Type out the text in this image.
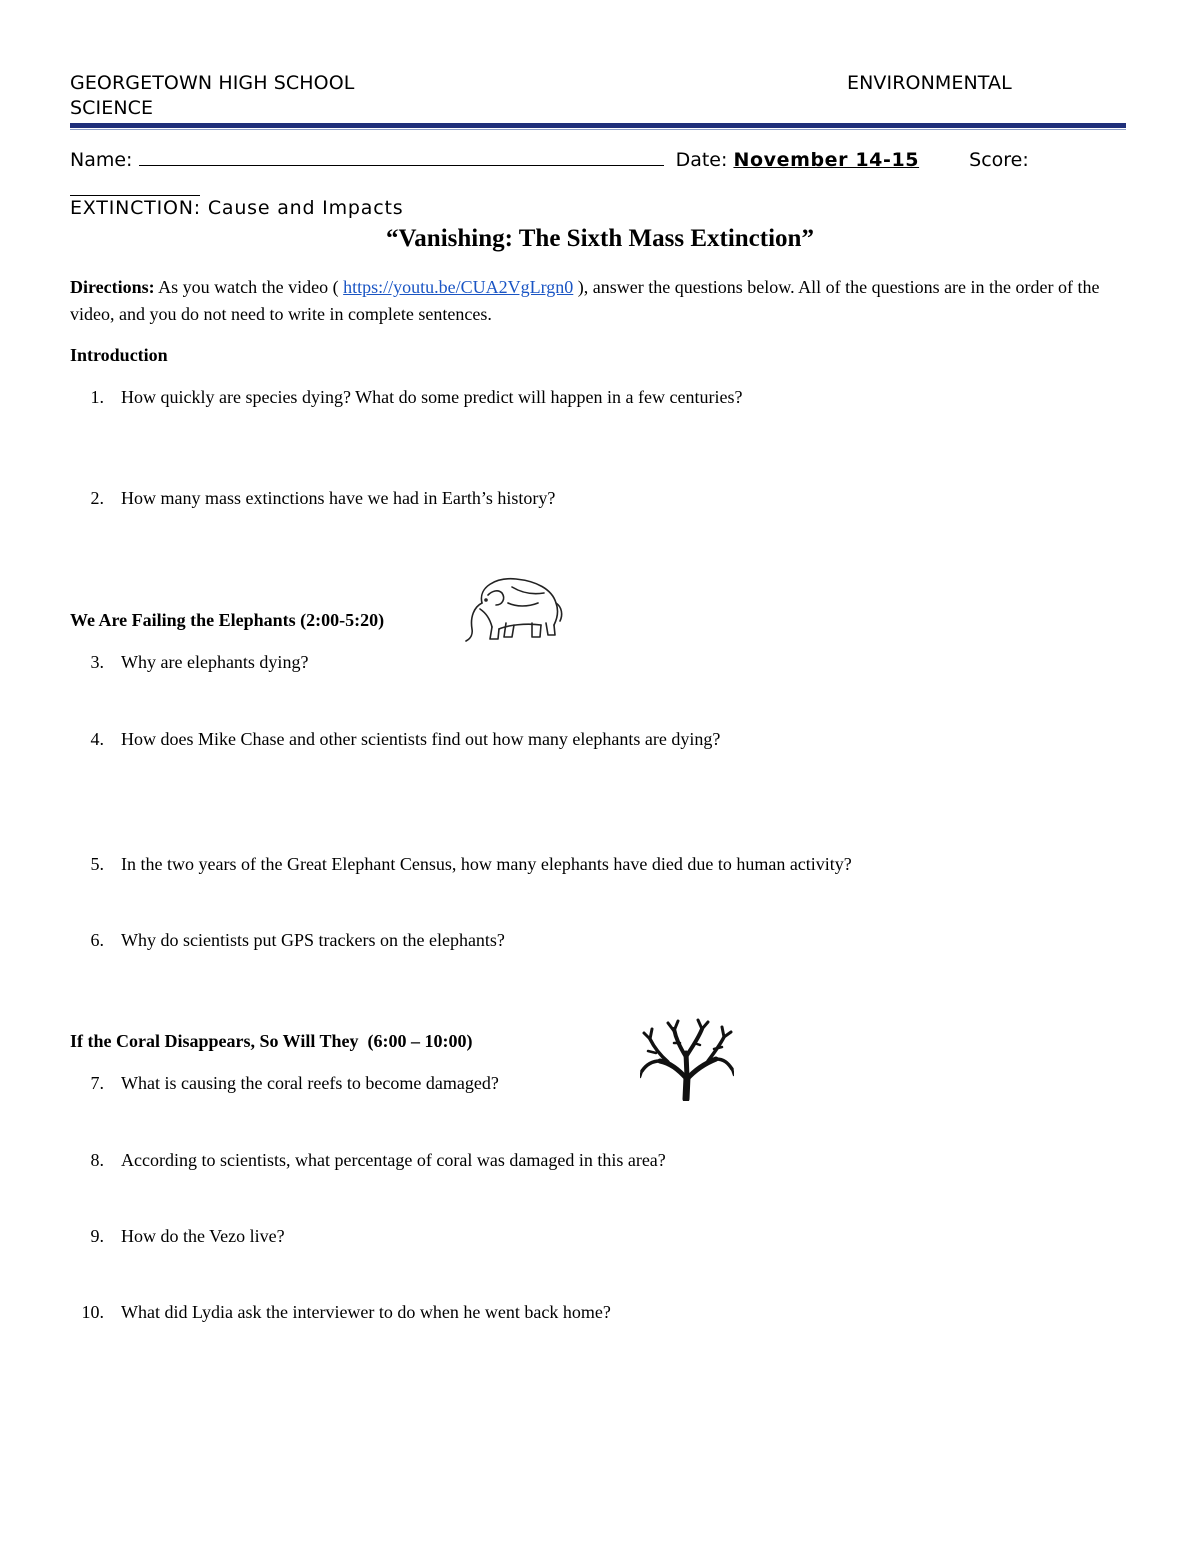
GEORGETOWN HIGH SCHOOL	ENVIRONMENTAL
SCIENCE
Name:	Date: November 14-15	Score:
EXTINCTION: Cause and Impacts
“Vanishing: The Sixth Mass Extinction”
Directions: As you watch the video ( https://youtu.be/CUA2VgLrgn0 ), answer the questions below. All of the questions are in the order of the video, and you do not need to write in complete sentences.
Introduction
1. How quickly are species dying? What do some predict will happen in a few centuries?
2. How many mass extinctions have we had in Earth’s history?
We Are Failing the Elephants (2:00-5:20)
3. Why are elephants dying?
4. How does Mike Chase and other scientists find out how many elephants are dying?
5. In the two years of the Great Elephant Census, how many elephants have died due to human activity?
6. Why do scientists put GPS trackers on the elephants?
If the Coral Disappears, So Will They  (6:00 – 10:00)
7. What is causing the coral reefs to become damaged?
8. According to scientists, what percentage of coral was damaged in this area?
9. How do the Vezo live?
10. What did Lydia ask the interviewer to do when he went back home?
